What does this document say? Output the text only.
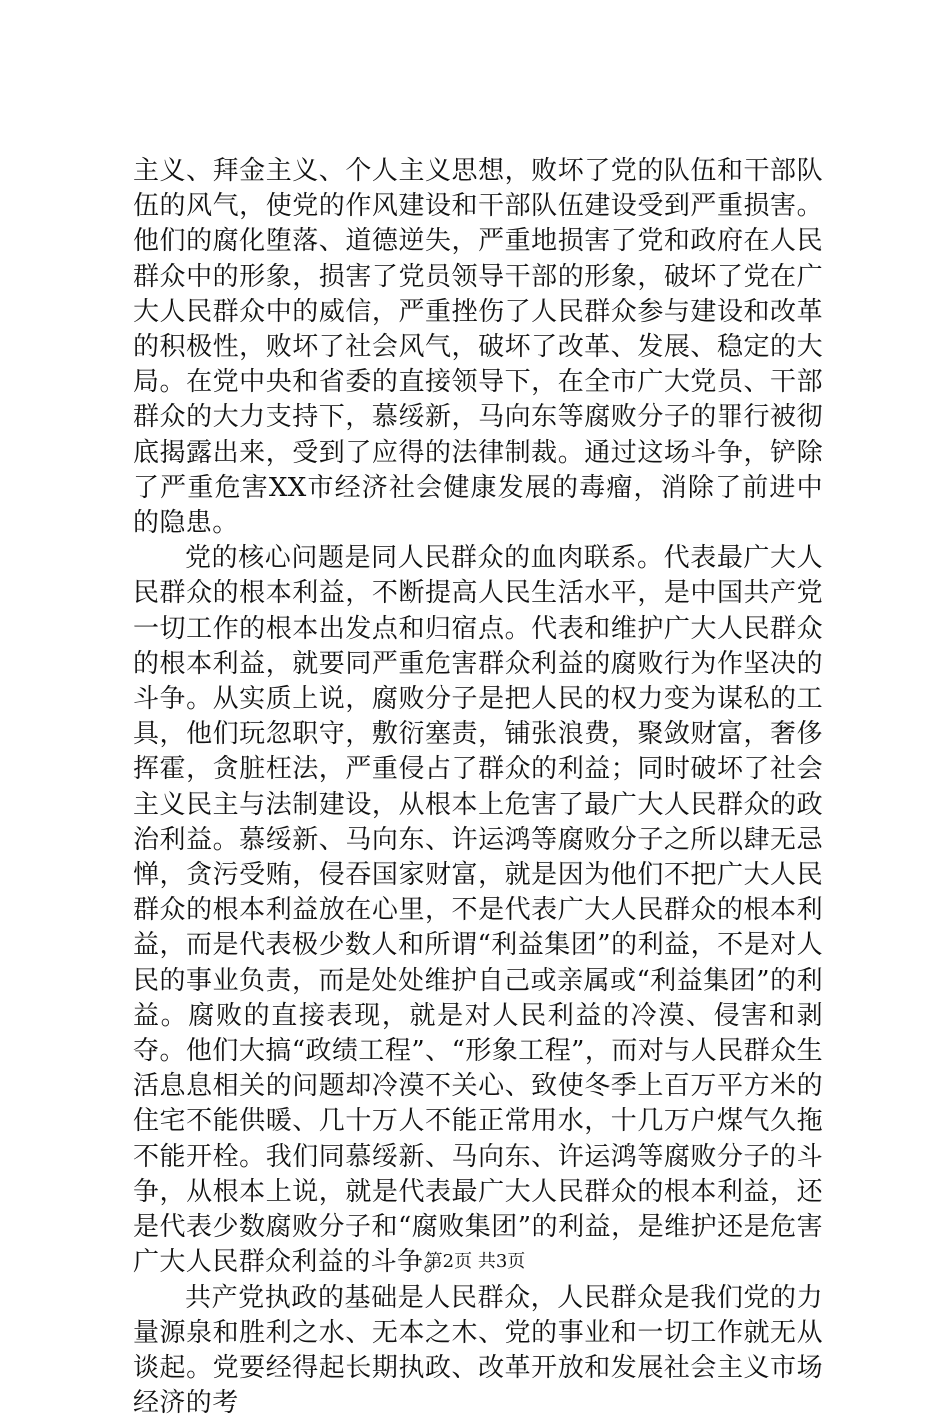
主义、拜金主义、个人主义思想，败坏了党的队伍和干部队伍的风气，使党的作风建设和干部队伍建设受到严重损害。他们的腐化堕落、道德逆失，严重地损害了党和政府在人民群众中的形象，损害了党员领导干部的形象，破坏了党在广大人民群众中的威信，严重挫伤了人民群众参与建设和改革的积极性，败坏了社会风气，破坏了改革、发展、稳定的大局。在党中央和省委的直接领导下，在全市广大党员、干部群众的大力支持下，慕绥新，马向东等腐败分子的罪行被彻底揭露出来，受到了应得的法律制裁。通过这场斗争，铲除了严重危害XX市经济社会健康发展的毒瘤，消除了前进中的隐患。

党的核心问题是同人民群众的血肉联系。代表最广大人民群众的根本利益，不断提高人民生活水平，是中国共产党一切工作的根本出发点和归宿点。代表和维护广大人民群众的根本利益，就要同严重危害群众利益的腐败行为作坚决的斗争。从实质上说，腐败分子是把人民的权力变为谋私的工具，他们玩忽职守，敷衍塞责，铺张浪费，聚敛财富，奢侈挥霍，贪脏枉法，严重侵占了群众的利益；同时破坏了社会主义民主与法制建设，从根本上危害了最广大人民群众的政治利益。慕绥新、马向东、许运鸿等腐败分子之所以肆无忌惮，贪污受贿，侵吞国家财富，就是因为他们不把广大人民群众的根本利益放在心里，不是代表广大人民群众的根本利益，而是代表极少数人和所谓“利益集团”的利益，不是对人民的事业负责，而是处处维护自己或亲属或“利益集团”的利益。腐败的直接表现，就是对人民利益的冷漠、侵害和剥夺。他们大搞“政绩工程”、“形象工程”，而对与人民群众生活息息相关的问题却冷漠不关心、致使冬季上百万平方米的住宅不能供暖、几十万人不能正常用水，十几万户煤气久拖不能开栓。我们同慕绥新、马向东、许运鸿等腐败分子的斗争，从根本上说，就是代表最广大人民群众的根本利益，还是代表少数腐败分子和“腐败集团”的利益，是维护还是危害广大人民群众利益的斗争。

共产党执政的基础是人民群众，人民群众是我们党的力量源泉和胜利之水、无本之木、党的事业和一切工作就无从谈起。党要经得起长期执政、改革开放和发展社会主义市场经济的考

第2页 共3页
